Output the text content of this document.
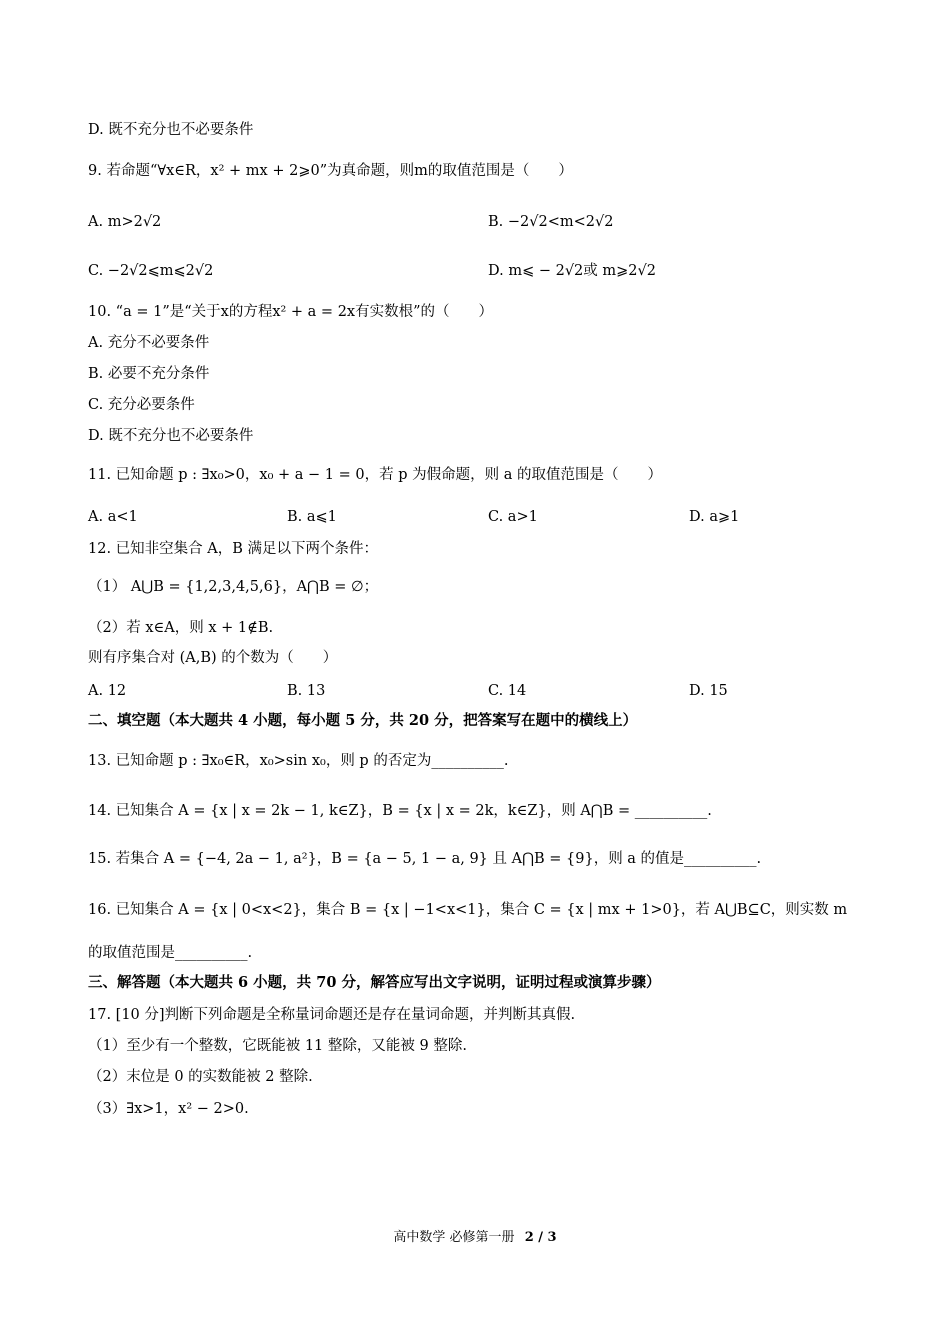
D. 既不充分也不必要条件
9. 若命题“∀x∈R，x² + mx + 2⩾0”为真命题，则m的取值范围是（　　）
A. m>2√2	B. −2√2<m<2√2
C. −2√2⩽m⩽2√2	D. m⩽ − 2√2或 m⩾2√2
10. “a = 1”是“关于x的方程x² + a = 2x有实数根”的（　　）
A. 充分不必要条件
B. 必要不充分条件
C. 充分必要条件
D. 既不充分也不必要条件
11. 已知命题 p : ∃x₀>0，x₀ + a − 1 = 0，若 p 为假命题，则 a 的取值范围是（　　）
A. a<1	B. a⩽1	C. a>1	D. a⩾1
12. 已知非空集合 A，B 满足以下两个条件：
（1） A⋃B = {1,2,3,4,5,6}，A⋂B = ∅；
（2）若 x∈A，则 x + 1∉B.
则有序集合对 (A,B) 的个数为（　　）
A. 12	B. 13	C. 14	D. 15
二、填空题（本大题共 4 小题，每小题 5 分，共 20 分，把答案写在题中的横线上）
13. 已知命题 p : ∃x₀∈R，x₀>sin x₀，则 p 的否定为__________.
14. 已知集合 A = {x | x = 2k − 1, k∈Z}，B = {x | x = 2k，k∈Z}，则 A⋂B = __________.
15. 若集合 A = {−4, 2a − 1, a²}，B = {a − 5, 1 − a, 9} 且 A⋂B = {9}，则 a 的值是__________.
16. 已知集合 A = {x | 0<x<2}，集合 B = {x | −1<x<1}，集合 C = {x | mx + 1>0}，若 A⋃B⊆C，则实数 m
的取值范围是__________.
三、解答题（本大题共 6 小题，共 70 分，解答应写出文字说明，证明过程或演算步骤）
17. [10 分]判断下列命题是全称量词命题还是存在量词命题，并判断其真假.
（1）至少有一个整数，它既能被 11 整除，又能被 9 整除.
（2）末位是 0 的实数能被 2 整除.
（3）∃x>1，x² − 2>0.
高中数学 必修第一册 2 / 3
